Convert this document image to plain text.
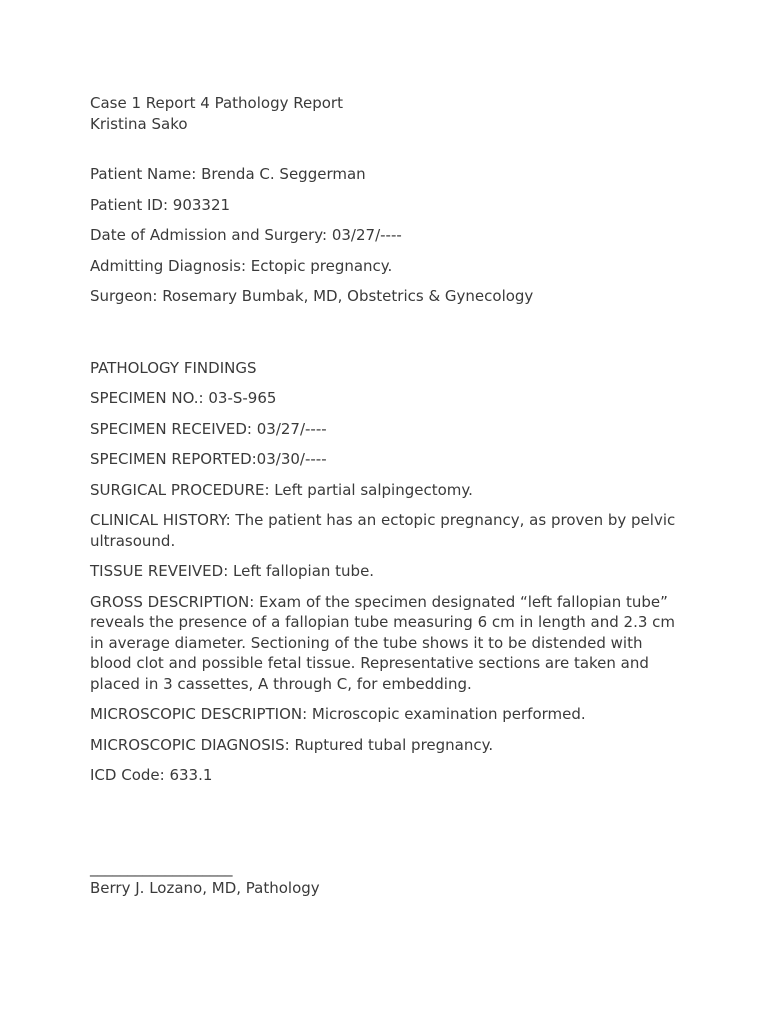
Case 1 Report 4 Pathology Report

Kristina Sako

Patient Name: Brenda C. Seggerman

Patient ID: 903321

Date of Admission and Surgery: 03/27/----

Admitting Diagnosis: Ectopic pregnancy.

Surgeon: Rosemary Bumbak, MD, Obstetrics & Gynecology

PATHOLOGY FINDINGS

SPECIMEN NO.: 03-S-965

SPECIMEN RECEIVED: 03/27/----

SPECIMEN REPORTED:03/30/----

SURGICAL PROCEDURE: Left partial salpingectomy.

CLINICAL HISTORY: The patient has an ectopic pregnancy, as proven by pelvic ultrasound.

TISSUE REVEIVED: Left fallopian tube.

GROSS DESCRIPTION: Exam of the specimen designated “left fallopian tube” reveals the presence of a fallopian tube measuring 6 cm in length and 2.3 cm in average diameter. Sectioning of the tube shows it to be distended with blood clot and possible fetal tissue. Representative sections are taken and placed in 3 cassettes, A through C, for embedding.

MICROSCOPIC DESCRIPTION: Microscopic examination performed.

MICROSCOPIC DIAGNOSIS: Ruptured tubal pregnancy.

ICD Code: 633.1

___________________

Berry J. Lozano, MD, Pathology
